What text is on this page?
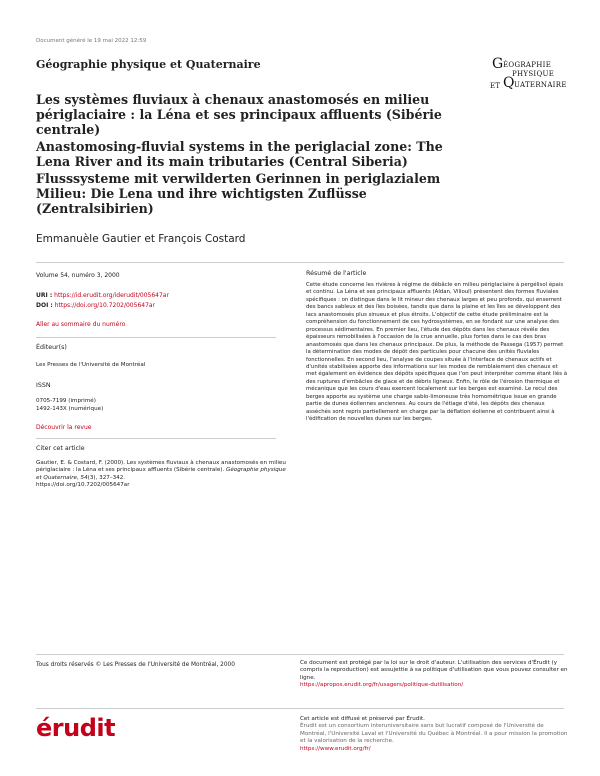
Document généré le 19 mai 2022 12:59
Géographie physique et Quaternaire	G ÉOGRAPHIE
PHYSIQUE
ET Q UATERNAIRE
Les systèmes fluviaux à chenaux anastomosés en milieu périglaciaire : la Léna et ses principaux affluents (Sibérie centrale)
Anastomosing-fluvial systems in the periglacial zone: The Lena River and its main tributaries (Central Siberia)
Flusssysteme mit verwilderten Gerinnen in periglazialem Milieu: Die Lena und ihre wichtigsten Zuflüsse (Zentralsibirien)
Emmanuèle Gautier et François Costard
Volume 54, numéro 3, 2000
URI : https://id.erudit.org/iderudit/005647ar
DOI : https://doi.org/10.7202/005647ar
Aller au sommaire du numéro
Éditeur(s)
Les Presses de l'Université de Montréal
ISSN
0705-7199 (imprimé)
1492-143X (numérique)
Découvrir la revue
Citer cet article
Gautier, E. & Costard, F. (2000). Les systèmes fluviaux à chenaux anastomosés en milieu périglaciaire : la Léna et ses principaux affluents (Sibérie centrale). Géographie physique et Quaternaire, 54(3), 327–342.
https://doi.org/10.7202/005647ar
Résumé de l'article
Cette étude concerne les rivières à régime de débâcle en milieu périglaciaire à pergélisol épais et continu. La Léna et ses principaux affluents (Aldan, Viliouï) présentent des formes fluviales spécifiques : on distingue dans le lit mineur des chenaux larges et peu profonds, qui enserrent des bancs sableux et des îles boisées, tandis que dans la plaine et les îles se développent des lacs anastomosés plus sinueux et plus étroits. L'objectif de cette étude préliminaire est la compréhension du fonctionnement de ces hydrosystèmes, en se fondant sur une analyse des processus sédimentaires. En premier lieu, l'étude des dépôts dans les chenaux révèle des épaisseurs remobilisées à l'occasion de la crue annuelle, plus fortes dans le cas des bras anastomosés que dans les chenaux principaux. De plus, la méthode de Passega (1957) permet la détermination des modes de dépôt des particules pour chacune des unités fluviales fonctionnelles. En second lieu, l'analyse de coupes située à l'interface de chenaux actifs et d'unités stabilisées apporte des informations sur les modes de remblaiement des chenaux et met également en évidence des dépôts spécifiques que l'on peut interpréter comme étant liés à des ruptures d'embâcles de glace et de débris ligneux. Enfin, le rôle de l'érosion thermique et mécanique que les cours d'eau exercent localement sur les berges est examiné. Le recul des berges apporte au système une charge sablo-limoneuse très homométrique issue en grande partie de dunes éoliennes anciennes. Au cours de l'étiage d'été, les dépôts des chenaux asséchés sont repris partiellement en charge par la déflation éolienne et contribuent ainsi à l'édification de nouvelles dunes sur les berges.
Tous droits réservés © Les Presses de l'Université de Montréal, 2000	Ce document est protégé par la loi sur le droit d'auteur. L'utilisation des services d'Érudit (y compris la reproduction) est assujettie à sa politique d'utilisation que vous pouvez consulter en ligne.
https://apropos.erudit.org/fr/usagers/politique-dutilisation/
érudit	Cet article est diffusé et préservé par Érudit.
Érudit est un consortium interuniversitaire sans but lucratif composé de l'Université de Montréal, l'Université Laval et l'Université du Québec à Montréal. Il a pour mission la promotion et la valorisation de la recherche.
https://www.erudit.org/fr/
